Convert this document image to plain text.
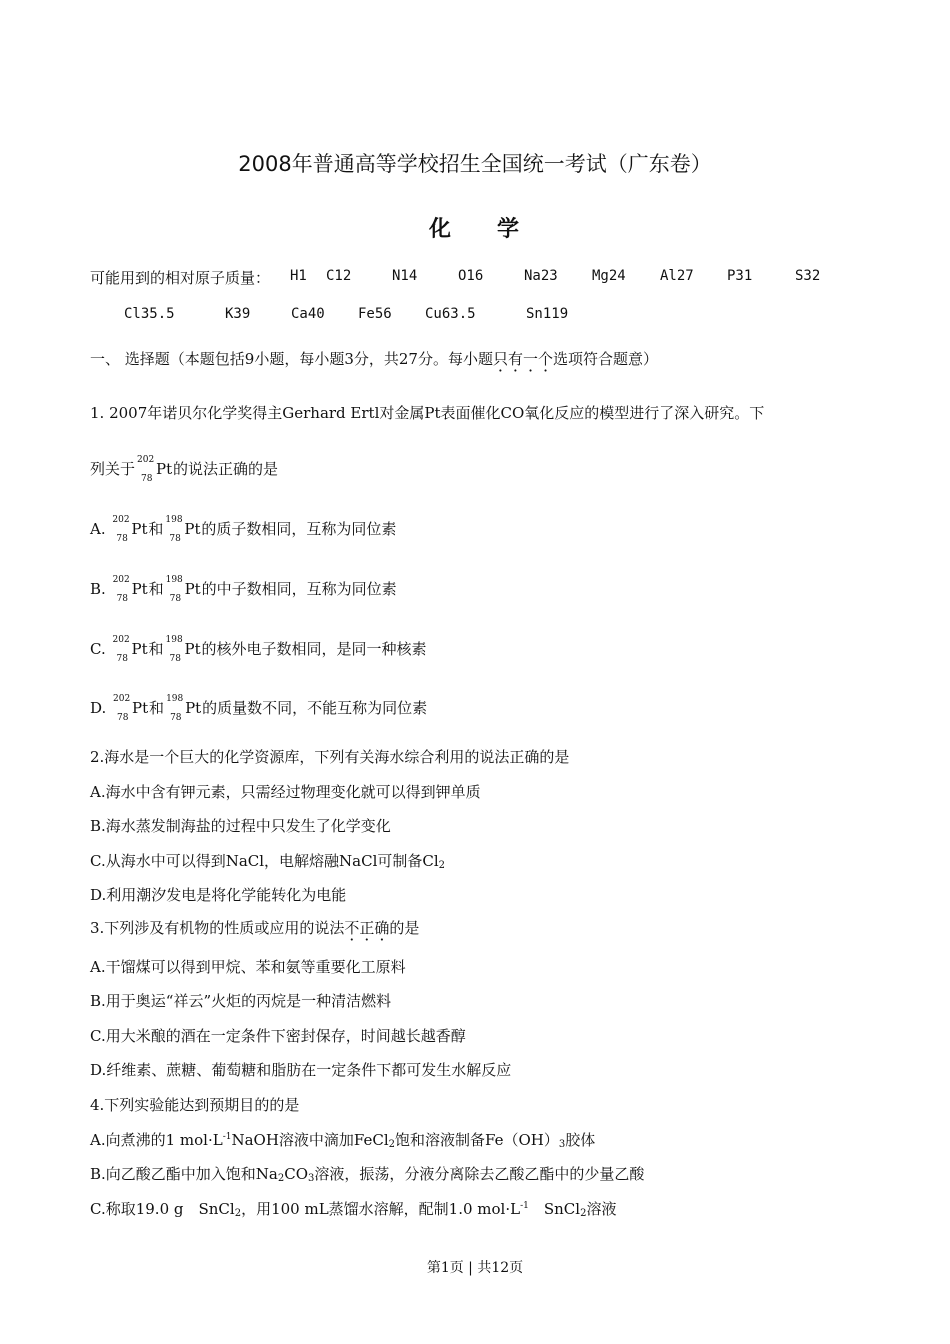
2008年普通高等学校招生全国统一考试（广东卷）
化 学
可能用到的相对原子质量： H1 C12	N14	O16	Na23 Mg24 Al27 P31	S32
Cl35.5	K39	Ca40 Fe56 Cu63.5	Sn119
一、 选择题（本题包括9小题，每小题3分，共27分。每小题只有一个选项符合题意）
1. 2007年诺贝尔化学奖得主Gerhard Ertl对金属Pt表面催化CO氧化反应的模型进行了深入研究。下
列关于 202
78
Pt 的说法正确的是
A. 202
78
Pt 和 198
78
Pt 的质子数相同，互称为同位素
B. 202
78
Pt 和 198
78
Pt 的中子数相同，互称为同位素
C. 202
78
Pt 和 198
78
Pt 的核外电子数相同，是同一种核素
D. 202
78
Pt 和 198
78
Pt 的质量数不同，不能互称为同位素
2.海水是一个巨大的化学资源库，下列有关海水综合利用的说法正确的是
A.海水中含有钾元素，只需经过物理变化就可以得到钾单质
B.海水蒸发制海盐的过程中只发生了化学变化
C.从海水中可以得到NaCl，电解熔融NaCl可制备$Cl_2$
D.利用潮汐发电是将化学能转化为电能
3.下列涉及有机物的性质或应用的说法不正确的是
A.干馏煤可以得到甲烷、苯和氨等重要化工原料
B.用于奥运“祥云”火炬的丙烷是一种清洁燃料
C.用大米酿的酒在一定条件下密封保存，时间越长越香醇
D.纤维素、蔗糖、葡萄糖和脂肪在一定条件下都可发生水解反应
4.下列实验能达到预期目的的是
A.向煮沸的1 $mol\cdot L^{-1}NaOH$溶液中滴加FeCl$_2$饱和溶液制备$Fe(OH)_3$胶体
B.向乙酸乙酯中加入饱和$Na_2CO_3$溶液，振荡，分液分离除去乙酸乙酯中的少量乙酸
C.称取19.0 g　SnCl$_2$，用100 mL蒸馏水溶解，配制1.0 $mol\cdot L^{-1}$　SnCl$_2$溶液
第1页 | 共12页
